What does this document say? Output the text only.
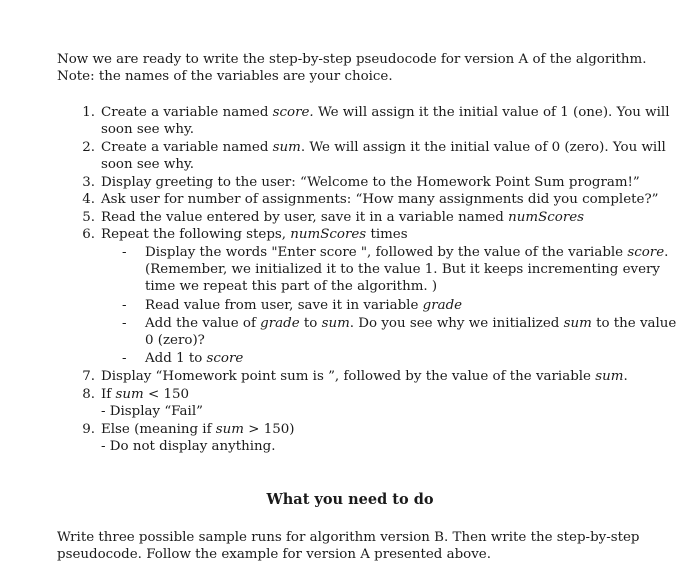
Now we are ready to write the step-by-step pseudocode for version A of the algorithm.
Note: the names of the variables are your choice.
1. Create a variable named score. We will assign it the initial value of 1 (one). You will
soon see why.
2. Create a variable named sum. We will assign it the initial value of 0 (zero). You will
soon see why.
3. Display greeting to the user: “Welcome to the Homework Point Sum program!”
4. Ask user for number of assignments: “How many assignments did you complete?”
5. Read the value entered by user, save it in a variable named numScores
6. Repeat the following steps, numScores times
- Display the words "Enter score ", followed by the value of the variable score.
(Remember, we initialized it to the value 1. But it keeps incrementing every
time we repeat this part of the algorithm. )
- Read value from user, save it in variable grade
- Add the value of grade to sum. Do you see why we initialized sum to the value
0 (zero)?
- Add 1 to score
7. Display “Homework point sum is ”, followed by the value of the variable sum.
8. If sum < 150
- Display “Fail”
9. Else (meaning if sum > 150)
- Do not display anything.
What you need to do
Write three possible sample runs for algorithm version B. Then write the step-by-step
pseudocode. Follow the example for version A presented above.
